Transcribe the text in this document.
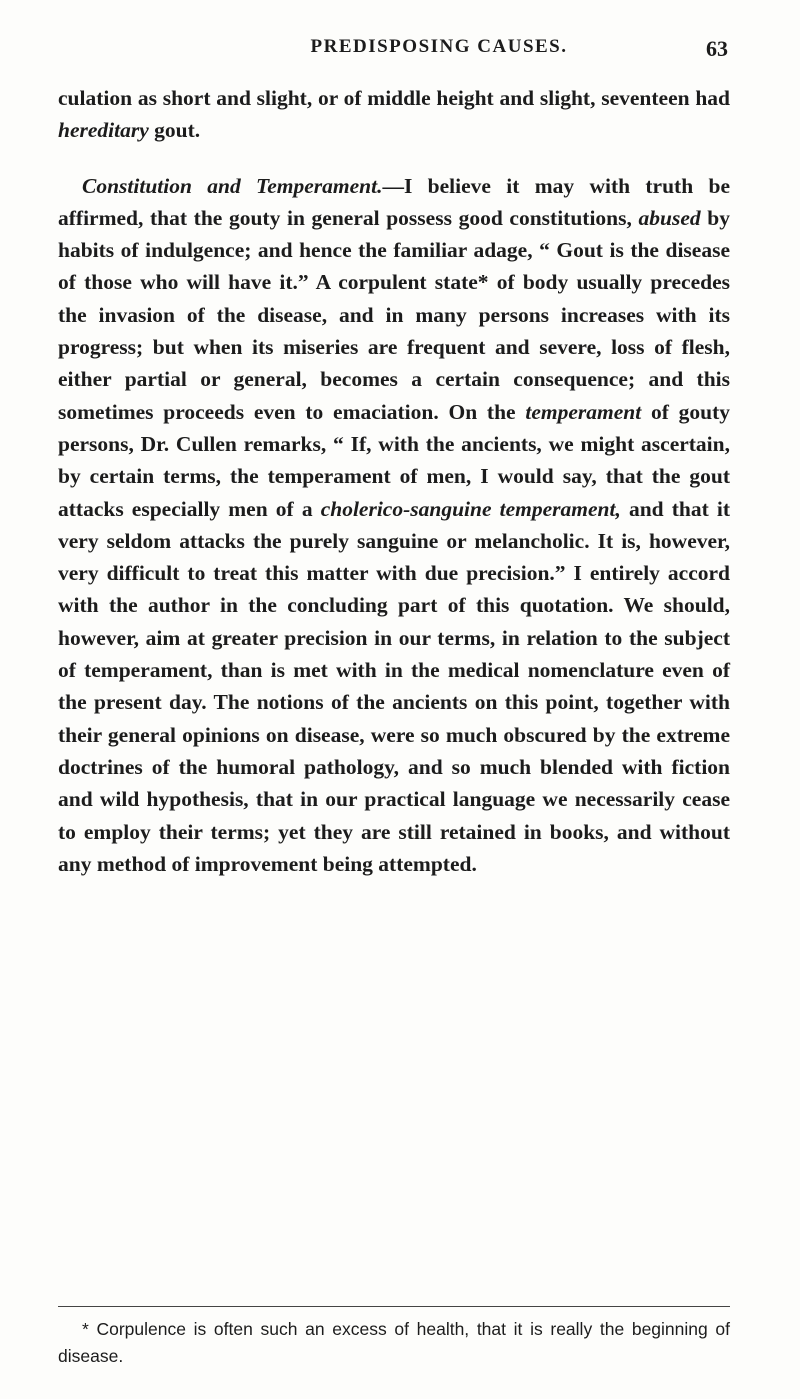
PREDISPOSING CAUSES.	63

culation as short and slight, or of middle height and slight, seventeen had hereditary gout.

Constitution and Temperament.—I believe it may with truth be affirmed, that the gouty in general possess good constitutions, abused by habits of indulgence; and hence the familiar adage, “ Gout is the disease of those who will have it.” A corpulent state* of body usually precedes the invasion of the disease, and in many persons increases with its progress; but when its miseries are frequent and severe, loss of flesh, either partial or general, becomes a certain consequence; and this sometimes proceeds even to emaciation. On the temperament of gouty persons, Dr. Cullen remarks, “ If, with the ancients, we might ascertain, by certain terms, the temperament of men, I would say, that the gout attacks especially men of a cholerico-sanguine temperament, and that it very seldom attacks the purely sanguine or melancholic. It is, however, very difficult to treat this matter with due precision.” I entirely accord with the author in the concluding part of this quotation. We should, however, aim at greater precision in our terms, in relation to the subject of temperament, than is met with in the medical nomenclature even of the present day. The notions of the ancients on this point, together with their general opinions on disease, were so much obscured by the extreme doctrines of the humoral pathology, and so much blended with fiction and wild hypothesis, that in our practical language we necessarily cease to employ their terms; yet they are still retained in books, and without any method of improvement being attempted.

* Corpulence is often such an excess of health, that it is really the beginning of disease.
